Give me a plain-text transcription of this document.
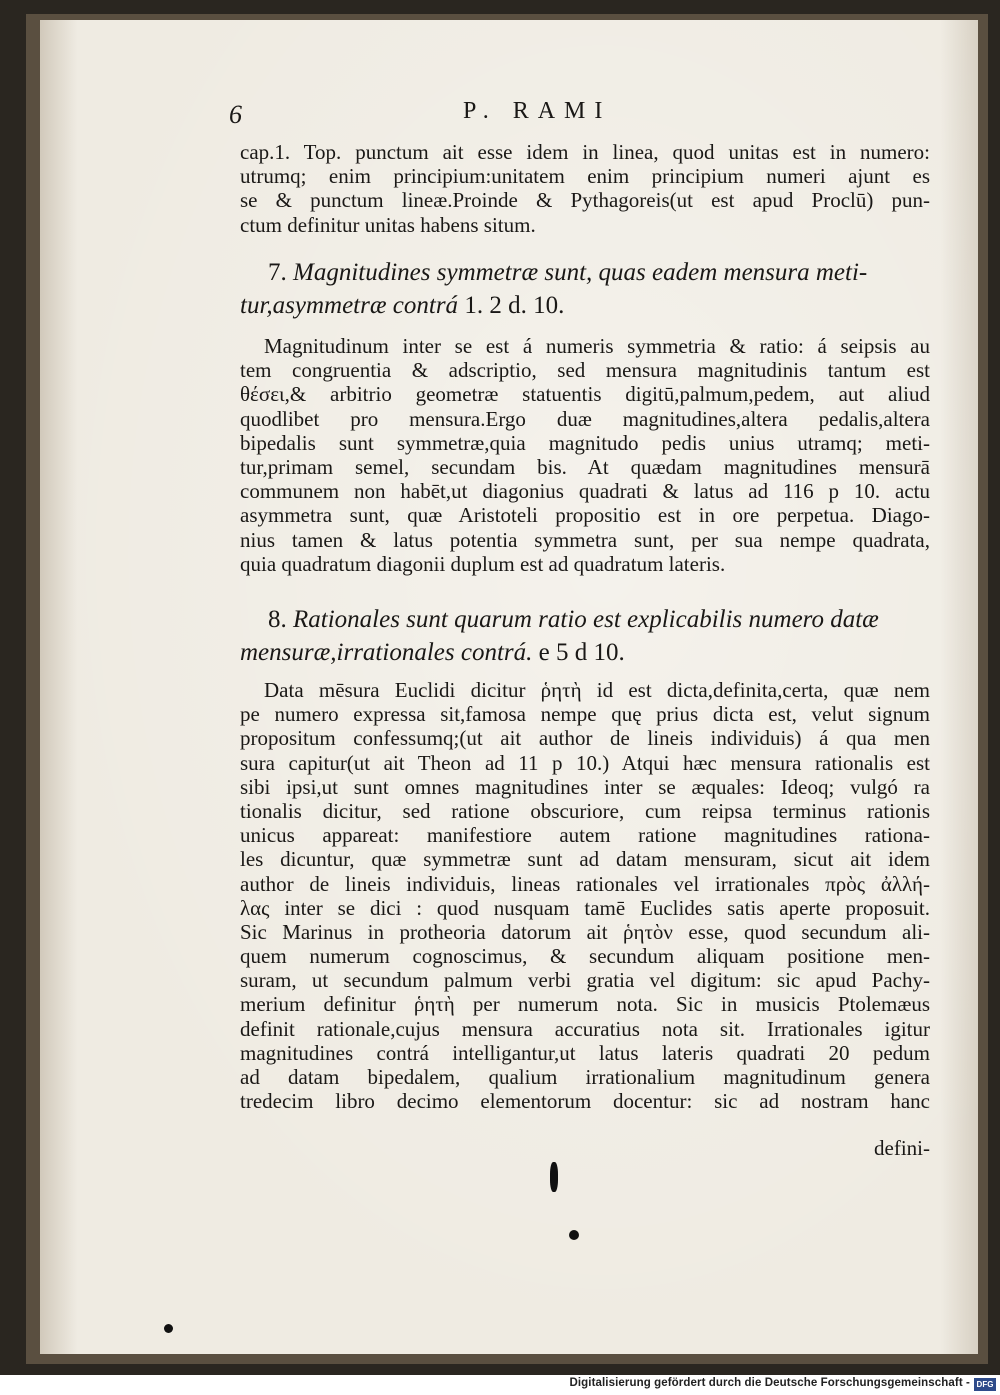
6	P. RAMI
cap.1. Top. punctum ait esse idem in linea, quod unitas est in numero:
utrumq; enim principium:unitatem enim principium numeri ajunt es
se & punctum lineæ.Proinde & Pythagoreis(ut est apud Proclū) pun-
ctum definitur unitas habens situm.
7. Magnitudines symmetræ sunt, quas eadem mensura meti-
tur,asymmetræ contrá 1. 2 d. 10.
Magnitudinum inter se est á numeris symmetria & ratio: á seipsis au
tem congruentia & adscriptio, sed mensura magnitudinis tantum est
θέσει,& arbitrio geometræ statuentis digitū,palmum,pedem, aut aliud
quodlibet pro mensura.Ergo duæ magnitudines,altera pedalis,altera
bipedalis sunt symmetræ,quia magnitudo pedis unius utramq; meti-
tur,primam semel, secundam bis. At quædam magnitudines mensurā
communem non habēt,ut diagonius quadrati & latus ad 116 p 10. actu
asymmetra sunt, quæ Aristoteli propositio est in ore perpetua. Diago-
nius tamen & latus potentia symmetra sunt, per sua nempe quadrata,
quia quadratum diagonii duplum est ad quadratum lateris.
8. Rationales sunt quarum ratio est explicabilis numero datæ
mensuræ,irrationales contrá. e 5 d 10.
Data mēsura Euclidi dicitur ῥητὴ id est dicta,definita,certa, quæ nem
pe numero expressa sit,famosa nempe quę prius dicta est, velut signum
propositum confessumq;(ut ait author de lineis individuis) á qua men
sura capitur(ut ait Theon ad 11 p 10.) Atqui hæc mensura rationalis est
sibi ipsi,ut sunt omnes magnitudines inter se æquales: Ideoq; vulgó ra
tionalis dicitur, sed ratione obscuriore, cum reipsa terminus rationis
unicus appareat: manifestiore autem ratione magnitudines rationa-
les dicuntur, quæ symmetræ sunt ad datam mensuram, sicut ait idem
author de lineis individuis, lineas rationales vel irrationales πρὸς ἀλλή-
λας inter se dici : quod nusquam tamē Euclides satis aperte proposuit.
Sic Marinus in protheoria datorum ait ῥητὸν esse, quod secundum ali-
quem numerum cognoscimus, & secundum aliquam positione men-
suram, ut secundum palmum verbi gratia vel digitum: sic apud Pachy-
merium definitur ῥητὴ per numerum nota. Sic in musicis Ptolemæus
definit rationale,cujus mensura accuratius nota sit. Irrationales igitur
magnitudines contrá intelligantur,ut latus lateris quadrati 20 pedum
ad datam bipedalem, qualium irrationalium magnitudinum genera
tredecim libro decimo elementorum docentur: sic ad nostram hanc
defini-
Digitalisierung gefördert durch die Deutsche Forschungsgemeinschaft - DFG
